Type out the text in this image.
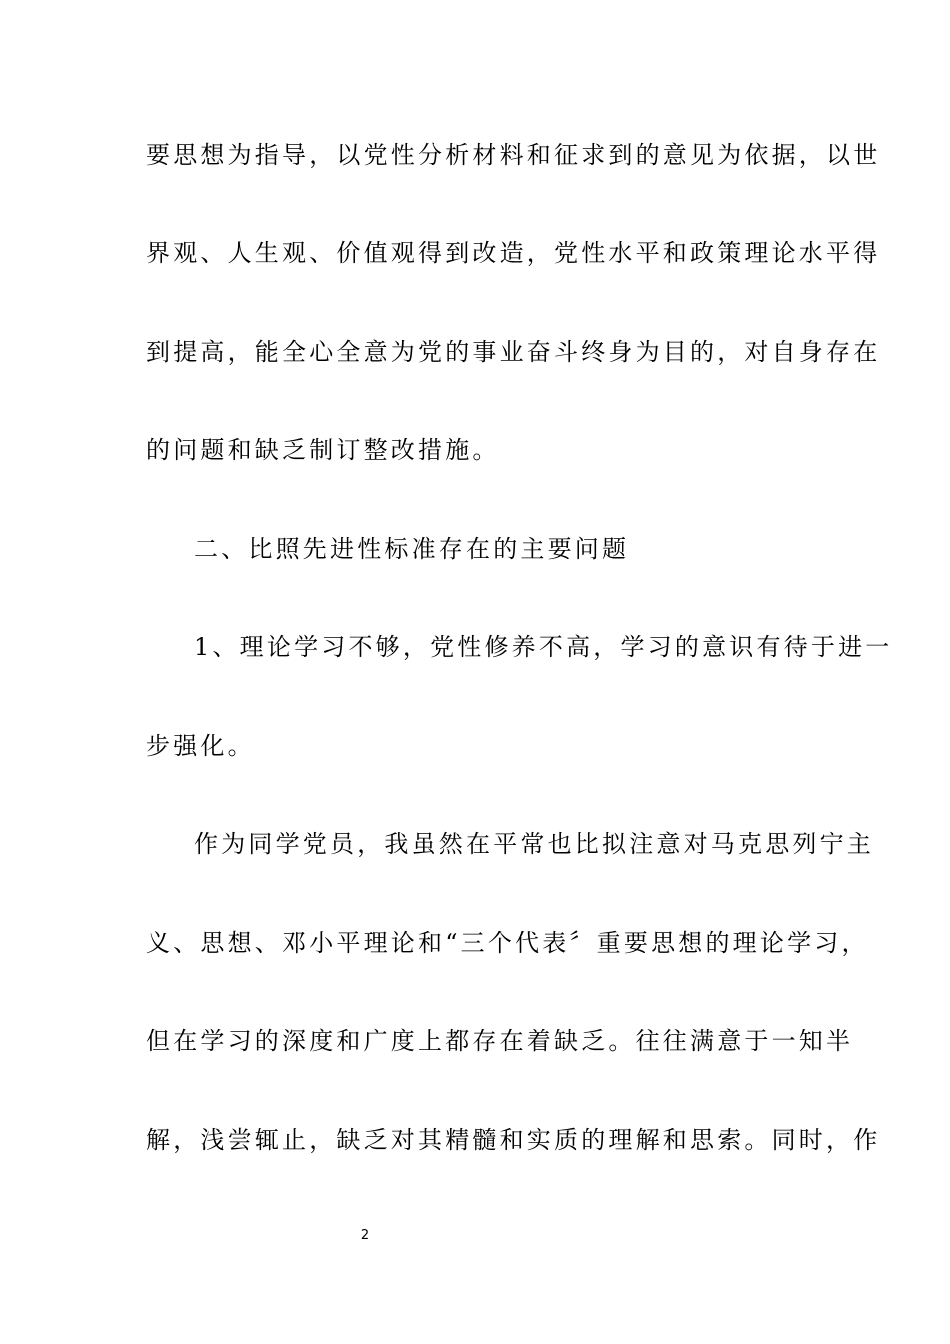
要思想为指导，以党性分析材料和征求到的意见为依据，以世
界观、人生观、价值观得到改造，党性水平和政策理论水平得
到提高，能全心全意为党的事业奋斗终身为目的，对自身存在
的问题和缺乏制订整改措施。
二、比照先进性标准存在的主要问题
1、理论学习不够，党性修养不高，学习的意识有待于进一
步强化。
作为同学党员，我虽然在平常也比拟注意对马克思列宁主
义、思想、邓小平理论和“三个代表〞重要思想的理论学习，
但在学习的深度和广度上都存在着缺乏。往往满意于一知半
解，浅尝辄止，缺乏对其精髓和实质的理解和思索。同时，作
2
